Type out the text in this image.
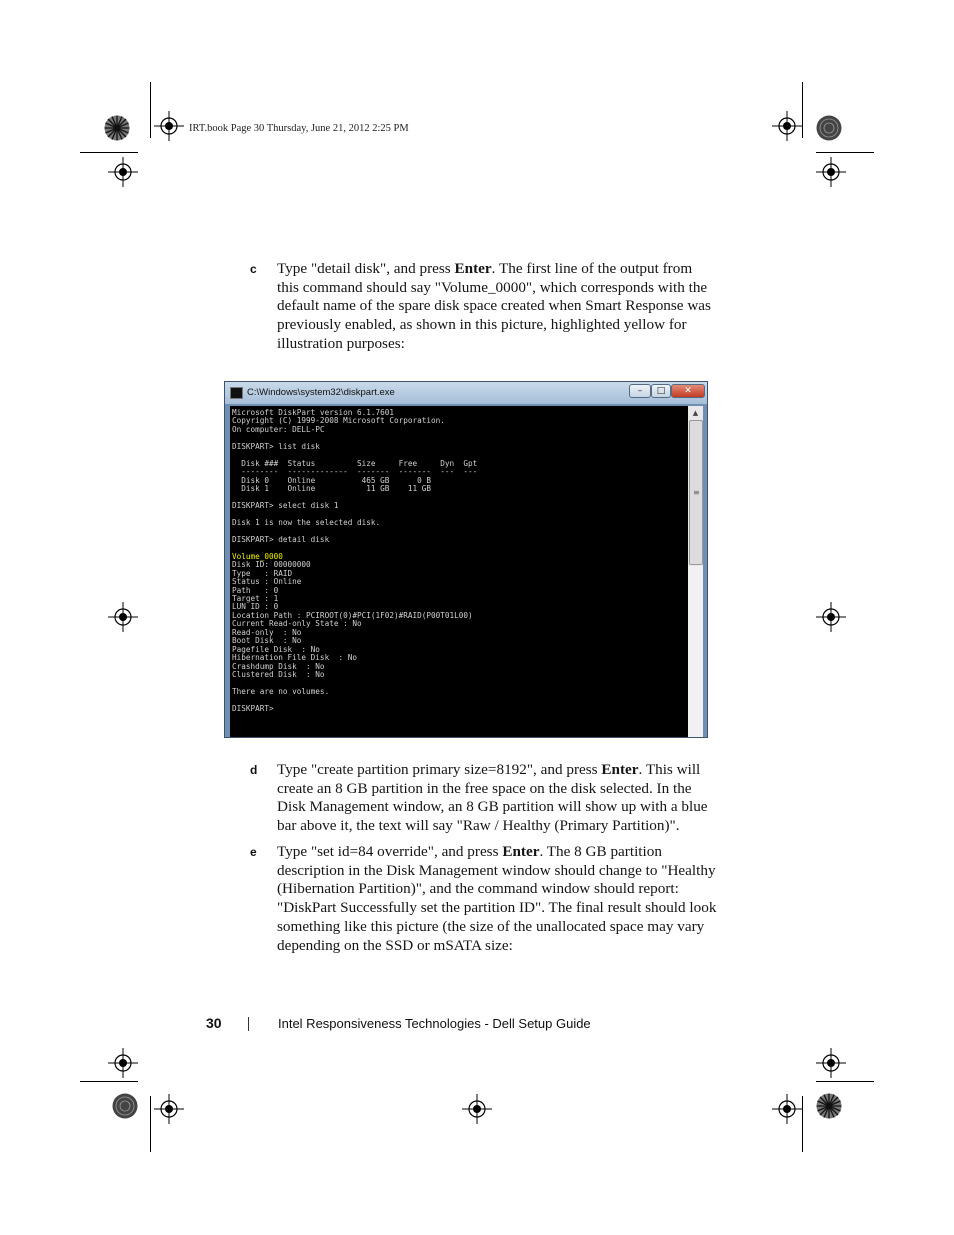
IRT.book Page 30 Thursday, June 21, 2012 2:25 PM
c Type "detail disk", and press Enter. The first line of the output from this command should say "Volume_0000", which corresponds with the default name of the spare disk space created when Smart Response was previously enabled, as shown in this picture, highlighted yellow for illustration purposes:
C:\Windows\system32\diskpart.exe	–	□	✕
Microsoft DiskPart version 6.1.7601
Copyright (C) 1999-2008 Microsoft Corporation.
On computer: DELL-PC

DISKPART> list disk

Disk ###  Status         Size     Free     Dyn  Gpt
--------  -------------  -------  -------  ---  ---
Disk 0    Online          465 GB      0 B
Disk 1    Online           11 GB    11 GB

DISKPART> select disk 1

Disk 1 is now the selected disk.

DISKPART> detail disk

Volume_0000
Disk ID: 00000000
Type   : RAID
Status : Online
Path   : 0
Target : 1
LUN ID : 0
Location Path : PCIROOT(0)#PCI(1F02)#RAID(P00T01L00)
Current Read-only State : No
Read-only  : No
Boot Disk  : No
Pagefile Disk  : No
Hibernation File Disk  : No
Crashdump Disk  : No
Clustered Disk  : No

There are no volumes.

DISKPART>
▲
≡
d Type "create partition primary size=8192", and press Enter. This will create an 8 GB partition in the free space on the disk selected. In the Disk Management window, an 8 GB partition will show up with a blue bar above it, the text will say "Raw / Healthy (Primary Partition)".
e Type "set id=84 override", and press Enter. The 8 GB partition description in the Disk Management window should change to "Healthy (Hibernation Partition)", and the command window should report: "DiskPart Successfully set the partition ID". The final result should look something like this picture (the size of the unallocated space may vary depending on the SSD or mSATA size:
30	Intel Responsiveness Technologies - Dell Setup Guide
